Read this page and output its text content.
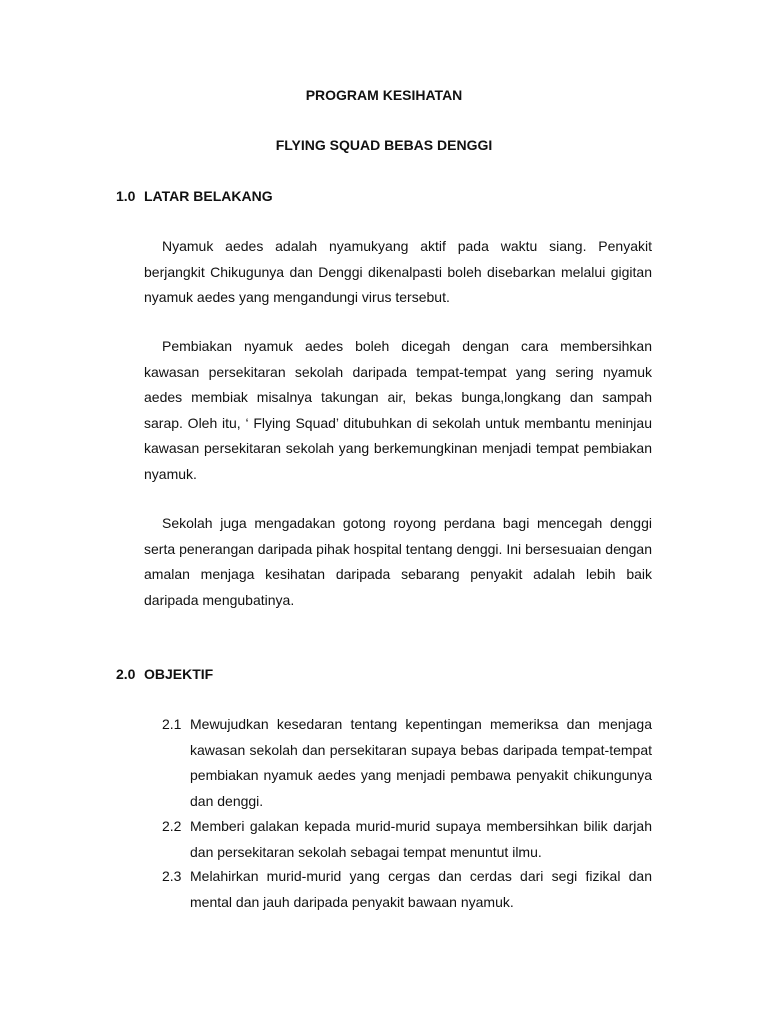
PROGRAM KESIHATAN
FLYING SQUAD BEBAS DENGGI
1.0 LATAR BELAKANG
Nyamuk aedes adalah nyamukyang aktif pada waktu siang. Penyakit berjangkit Chikugunya dan Denggi dikenalpasti boleh disebarkan melalui gigitan nyamuk aedes yang mengandungi virus tersebut.
Pembiakan nyamuk aedes boleh dicegah dengan cara membersihkan kawasan persekitaran sekolah daripada tempat-tempat yang sering nyamuk aedes membiak misalnya takungan air, bekas bunga,longkang dan sampah sarap. Oleh itu, ‘ Flying Squad’ ditubuhkan di sekolah untuk membantu meninjau kawasan persekitaran sekolah yang berkemungkinan menjadi tempat pembiakan nyamuk.
Sekolah juga mengadakan gotong royong perdana bagi mencegah denggi serta penerangan daripada pihak hospital tentang denggi. Ini bersesuaian dengan amalan menjaga kesihatan daripada sebarang penyakit adalah lebih baik daripada mengubatinya.
2.0 OBJEKTIF
2.1 Mewujudkan kesedaran tentang kepentingan memeriksa dan menjaga kawasan sekolah dan persekitaran supaya bebas daripada tempat-tempat pembiakan nyamuk aedes yang menjadi pembawa penyakit chikungunya dan denggi.
2.2 Memberi galakan kepada murid-murid supaya membersihkan bilik darjah dan persekitaran sekolah sebagai tempat menuntut ilmu.
2.3 Melahirkan murid-murid yang cergas dan cerdas dari segi fizikal dan mental dan jauh daripada penyakit bawaan nyamuk.
